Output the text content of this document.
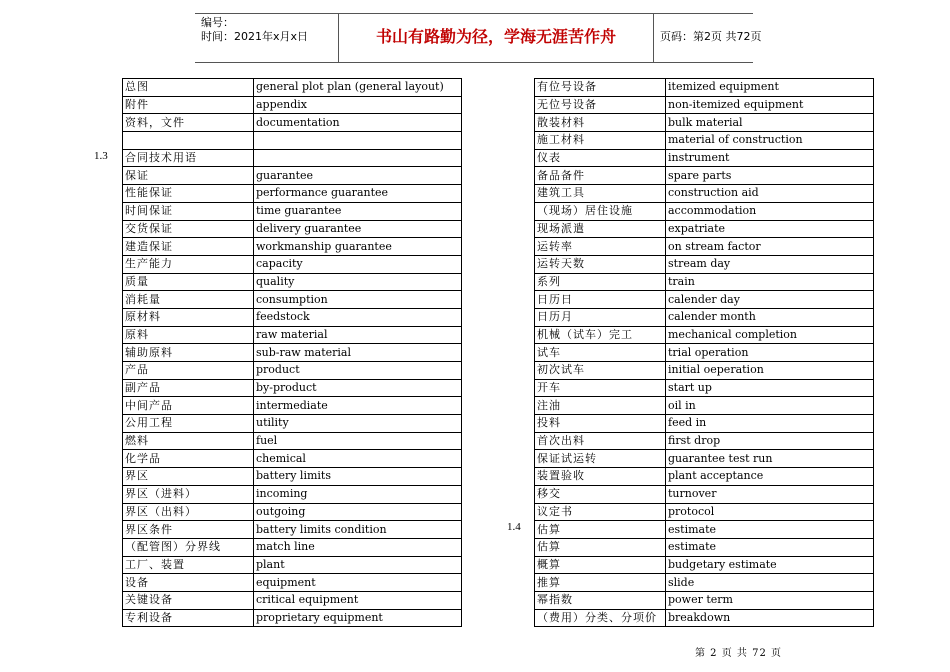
编号：
时间：2021年x月x日	书山有路勤为径，学海无涯苦作舟	页码：第2页 共72页
总图	general plot plan (general layout)
附件	appendix
资料，文件	documentation

合同技术用语	
保证	guarantee
性能保证	performance guarantee
时间保证	time guarantee
交货保证	delivery guarantee
建造保证	workmanship guarantee
生产能力	capacity
质量	quality
消耗量	consumption
原材料	feedstock
原料	raw material
辅助原料	sub-raw material
产品	product
副产品	by-product
中间产品	intermediate
公用工程	utility
燃料	fuel
化学品	chemical
界区	battery limits
界区（进料）	incoming
界区（出料）	outgoing
界区条件	battery limits condition
（配管图）分界线	match line
工厂、装置	plant
设备	equipment
关键设备	critical equipment
专利设备	proprietary equipment
有位号设备	itemized equipment
无位号设备	non-itemized equipment
散装材料	bulk material
施工材料	material of construction
仪表	instrument
备品备件	spare parts
建筑工具	construction aid
（现场）居住设施	accommodation
现场派遣	expatriate
运转率	on stream factor
运转天数	stream day
系列	train
日历日	calender day
日历月	calender month
机械（试车）完工	mechanical completion
试车	trial operation
初次试车	initial oeperation
开车	start up
注油	oil in
投料	feed in
首次出料	first drop
保证试运转	guarantee test run
装置验收	plant acceptance
移交	turnover
议定书	protocol
估算	estimate
估算	estimate
概算	budgetary estimate
推算	slide
幂指数	power term
（费用）分类、分项价	breakdown
第 2 页 共 72 页
1.3
1.4
